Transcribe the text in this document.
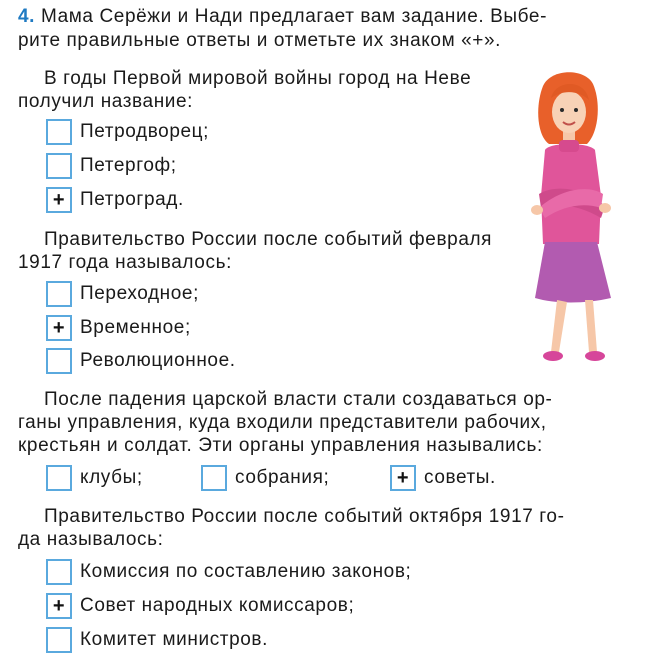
4. Мама Серёжи и Нади предлагает вам задание. Выбе-
рите правильные ответы и отметьте их знаком «+».
В годы Первой мировой войны город на Неве
получил название:
Петродворец;
Петергоф;
+ Петроград.
Правительство России после событий февраля
1917 года называлось:
Переходное;
+ Временное;
Революционное.
После падения царской власти стали создаваться ор-
ганы управления, куда входили представители рабочих,
крестьян и солдат. Эти органы управления назывались:
клубы;	собрания;	+ советы.
Правительство России после событий октября 1917 го-
да называлось:
Комиссия по составлению законов;
+ Совет народных комиссаров;
Комитет министров.
